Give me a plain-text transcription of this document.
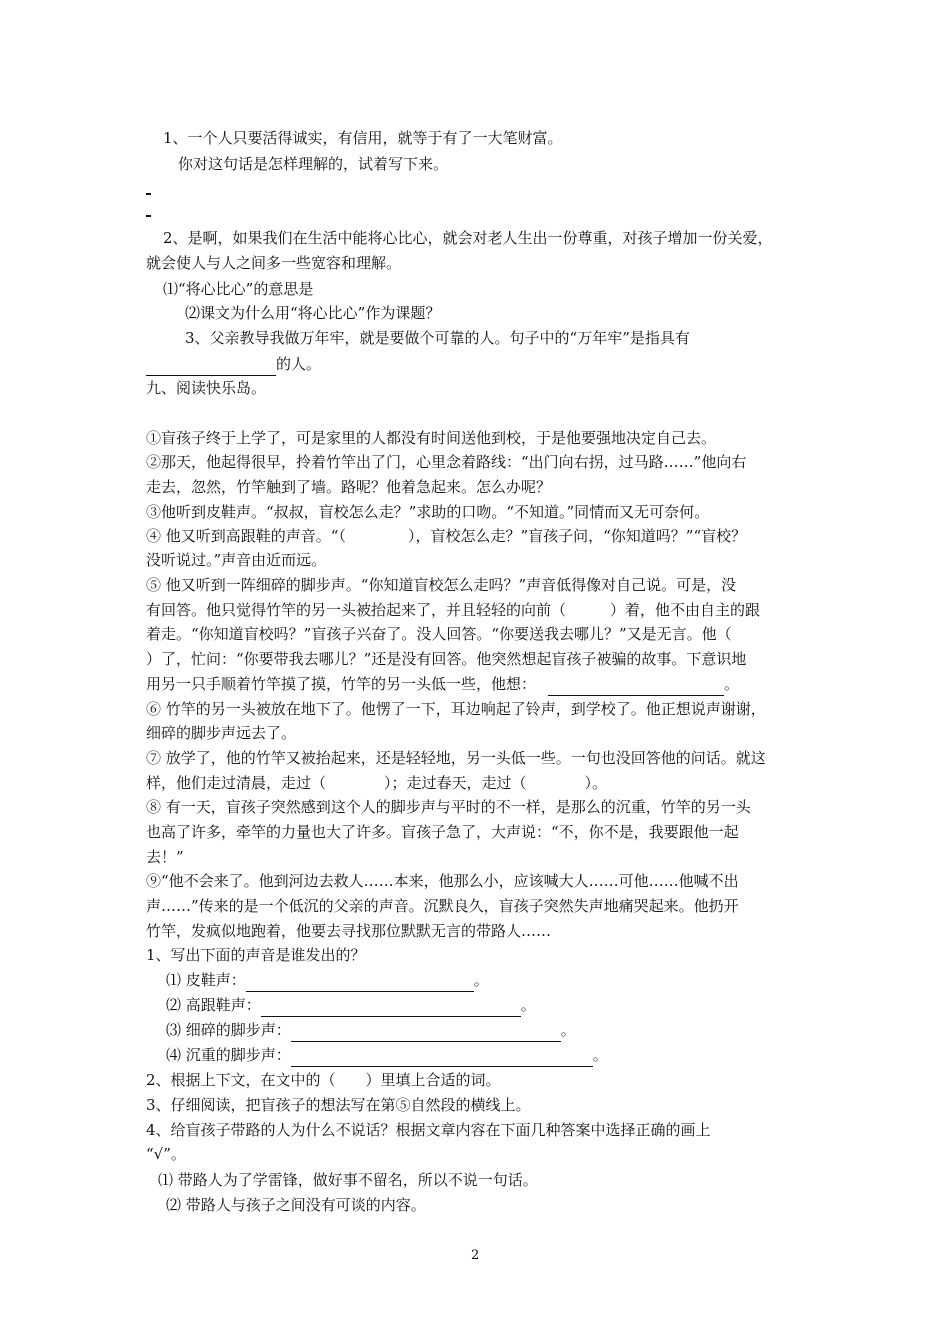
1、一个人只要活得诚实，有信用，就等于有了一大笔财富。
你对这句话是怎样理解的，试着写下来。
2、是啊，如果我们在生活中能将心比心，就会对老人生出一份尊重，对孩子增加一份关爱，
就会使人与人之间多一些宽容和理解。
⑴“将心比心”的意思是
⑵课文为什么用“将心比心”作为课题？
3、父亲教导我做万年牢，就是要做个可靠的人。句子中的“万年牢”是指具有
的人。
九、阅读快乐岛。
①盲孩子终于上学了，可是家里的人都没有时间送他到校，于是他要强地决定自己去。
②那天，他起得很早，拎着竹竿出了门，心里念着路线：“出门向右拐，过马路……”他向右
走去，忽然，竹竿触到了墙。路呢？他着急起来。怎么办呢？
③他听到皮鞋声。“叔叔，盲校怎么走？”求助的口吻。“不知道。”同情而又无可奈何。
④ 他又听到高跟鞋的声音。“（	），盲校怎么走？”盲孩子问，“你知道吗？”“盲校？
没听说过。”声音由近而远。
⑤ 他又听到一阵细碎的脚步声。“你知道盲校怎么走吗？”声音低得像对自己说。可是，没
有回答。他只觉得竹竿的另一头被抬起来了，并且轻轻的向前（	）着，他不由自主的跟
着走。“你知道盲校吗？”盲孩子兴奋了。没人回答。“你要送我去哪儿？”又是无言。他（
）了，忙问：“你要带我去哪儿？”还是没有回答。他突然想起盲孩子被骗的故事。下意识地
用另一只手顺着竹竿摸了摸，竹竿的另一头低一些，他想：	。
⑥ 竹竿的另一头被放在地下了。他愣了一下，耳边响起了铃声，到学校了。他正想说声谢谢，
细碎的脚步声远去了。
⑦ 放学了，他的竹竿又被抬起来，还是轻轻地，另一头低一些。一句也没回答他的问话。就这
样，他们走过清晨，走过（	）；走过春天，走过（	）。
⑧ 有一天，盲孩子突然感到这个人的脚步声与平时的不一样，是那么的沉重，竹竿的另一头
也高了许多，牵竿的力量也大了许多。盲孩子急了，大声说：“不，你不是，我要跟他一起
去！”
⑨“他不会来了。他到河边去救人……本来，他那么小，应该喊大人……可他……他喊不出
声……”传来的是一个低沉的父亲的声音。沉默良久，盲孩子突然失声地痛哭起来。他扔开
竹竿，发疯似地跑着，他要去寻找那位默默无言的带路人……
1、写出下面的声音是谁发出的？
⑴ 皮鞋声：	。
⑵ 高跟鞋声：	。
⑶ 细碎的脚步声：	。
⑷ 沉重的脚步声：	。
2、根据上下文，在文中的（　　）里填上合适的词。
3、仔细阅读，把盲孩子的想法写在第⑤自然段的横线上。
4、给盲孩子带路的人为什么不说话？根据文章内容在下面几种答案中选择正确的画上
“√”。
⑴ 带路人为了学雷锋，做好事不留名，所以不说一句话。
⑵ 带路人与孩子之间没有可谈的内容。
2
